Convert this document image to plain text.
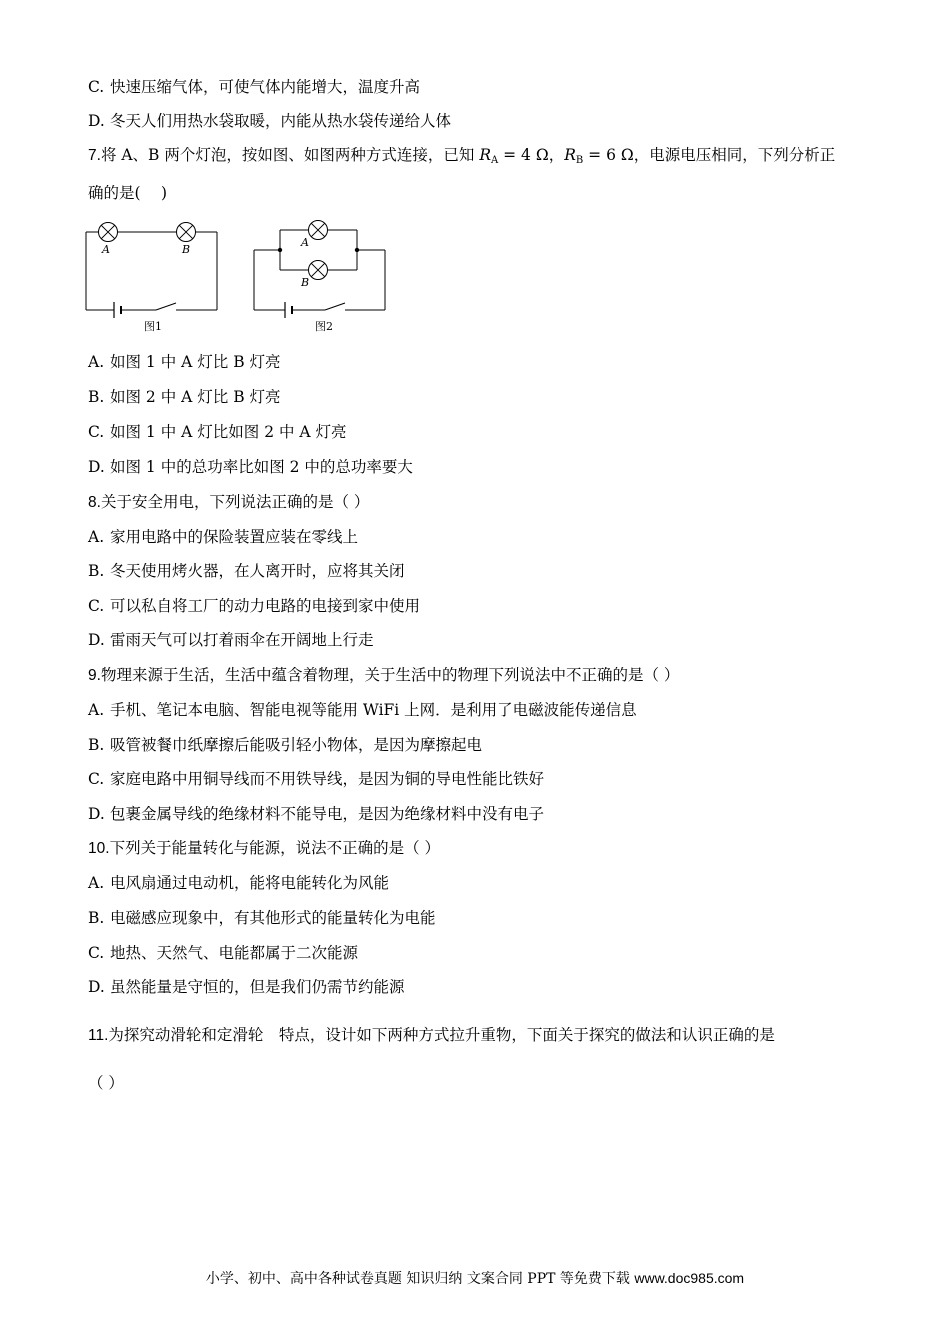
C. 快速压缩气体，可使气体内能增大，温度升高
D. 冬天人们用热水袋取暖，内能从热水袋传递给人体
7.将 A、B 两个灯泡，按如图、如图两种方式连接，已知 $R_A = 4$ Ω，$R_B = 6$ Ω，电源电压相同，下列分析正
确的是(　 )
A	B
A
B
图1	图2
A. 如图 1 中 A 灯比 B 灯亮
B. 如图 2 中 A 灯比 B 灯亮
C. 如图 1 中 A 灯比如图 2 中 A 灯亮
D. 如图 1 中的总功率比如图 2 中的总功率要大
8.关于安全用电，下列说法正确的是（ ）
A. 家用电路中的保险装置应装在零线上
B. 冬天使用烤火器，在人离开时，应将其关闭
C. 可以私自将工厂的动力电路的电接到家中使用
D. 雷雨天气可以打着雨伞在开阔地上行走
9.物理来源于生活，生活中蕴含着物理，关于生活中的物理下列说法中不正确的是（ ）
A. 手机、笔记本电脑、智能电视等能用 WiFi 上网．是利用了电磁波能传递信息
B. 吸管被餐巾纸摩擦后能吸引轻小物体，是因为摩擦起电
C. 家庭电路中用铜导线而不用铁导线，是因为铜的导电性能比铁好
D. 包裹金属导线的绝缘材料不能导电，是因为绝缘材料中没有电子
10.下列关于能量转化与能源，说法不正确的是（ ）
A. 电风扇通过电动机，能将电能转化为风能
B. 电磁感应现象中，有其他形式的能量转化为电能
C. 地热、天然气、电能都属于二次能源
D. 虽然能量是守恒的，但是我们仍需节约能源
11.为探究动滑轮和定滑轮　特点，设计如下两种方式拉升重物，下面关于探究的做法和认识正确的是
（ ）
小学、初中、高中各种试卷真题 知识归纳 文案合同 PPT 等免费下载 www.doc985.com
